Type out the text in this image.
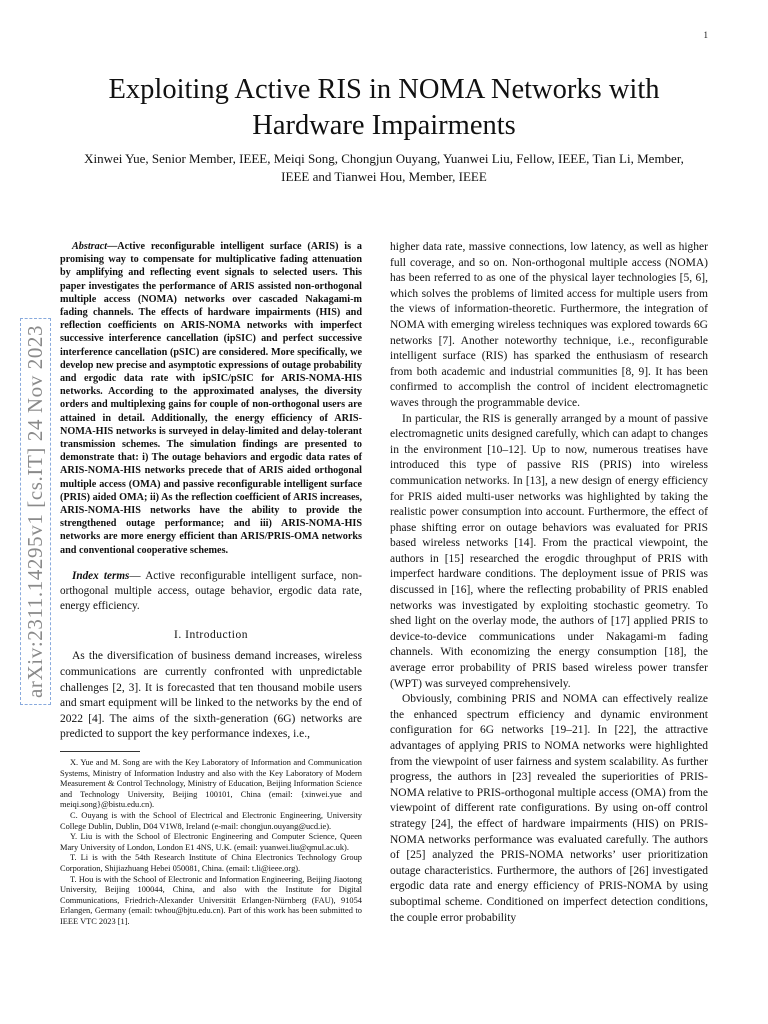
1
arXiv:2311.14295v1 [cs.IT] 24 Nov 2023
Exploiting Active RIS in NOMA Networks with Hardware Impairments
Xinwei Yue, Senior Member, IEEE, Meiqi Song, Chongjun Ouyang, Yuanwei Liu, Fellow, IEEE, Tian Li, Member, IEEE and Tianwei Hou, Member, IEEE

Abstract—Active reconfigurable intelligent surface (ARIS) is a promising way to compensate for multiplicative fading attenuation by amplifying and reflecting event signals to selected users. This paper investigates the performance of ARIS assisted non-orthogonal multiple access (NOMA) networks over cascaded Nakagami-m fading channels. The effects of hardware impairments (HIS) and reflection coefficients on ARIS-NOMA networks with imperfect successive interference cancellation (ipSIC) and perfect successive interference cancellation (pSIC) are considered. More specifically, we develop new precise and asymptotic expressions of outage probability and ergodic data rate with ipSIC/pSIC for ARIS-NOMA-HIS networks. According to the approximated analyses, the diversity orders and multiplexing gains for couple of non-orthogonal users are attained in detail. Additionally, the energy efficiency of ARIS-NOMA-HIS networks is surveyed in delay-limited and delay-tolerant transmission schemes. The simulation findings are presented to demonstrate that: i) The outage behaviors and ergodic data rates of ARIS-NOMA-HIS networks precede that of ARIS aided orthogonal multiple access (OMA) and passive reconfigurable intelligent surface (PRIS) aided OMA; ii) As the reflection coefficient of ARIS increases, ARIS-NOMA-HIS networks have the ability to provide the strengthened outage performance; and iii) ARIS-NOMA-HIS networks are more energy efficient than ARIS/PRIS-OMA networks and conventional cooperative schemes.

Index terms— Active reconfigurable intelligent surface, non-orthogonal multiple access, outage behavior, ergodic data rate, energy efficiency.

I. Introduction

As the diversification of business demand increases, wireless communications are currently confronted with unpredictable challenges [2, 3]. It is forecasted that ten thousand mobile users and smart equipment will be linked to the networks by the end of 2022 [4]. The aims of the sixth-generation (6G) networks are predicted to support the key performance indexes, i.e.,

X. Yue and M. Song are with the Key Laboratory of Information and Communication Systems, Ministry of Information Industry and also with the Key Laboratory of Modern Measurement & Control Technology, Ministry of Education, Beijing Information Science and Technology University, Beijing 100101, China (email: {xinwei.yue and meiqi.song}@bistu.edu.cn).

C. Ouyang is with the School of Electrical and Electronic Engineering, University College Dublin, Dublin, D04 V1W8, Ireland (e-mail: chongjun.ouyang@ucd.ie).

Y. Liu is with the School of Electronic Engineering and Computer Science, Queen Mary University of London, London E1 4NS, U.K. (email: yuanwei.liu@qmul.ac.uk).

T. Li is with the 54th Research Institute of China Electronics Technology Group Corporation, Shijiazhuang Hebei 050081, China. (email: t.li@ieee.org).

T. Hou is with the School of Electronic and Information Engineering, Beijing Jiaotong University, Beijing 100044, China, and also with the Institute for Digital Communications, Friedrich-Alexander Universität Erlangen-Nürnberg (FAU), 91054 Erlangen, Germany (email: twhou@bjtu.edu.cn). Part of this work has been submitted to IEEE VTC 2023 [1].

higher data rate, massive connections, low latency, as well as higher full coverage, and so on. Non-orthogonal multiple access (NOMA) has been referred to as one of the physical layer technologies [5, 6], which solves the problems of limited access for multiple users from the views of information-theoretic. Furthermore, the integration of NOMA with emerging wireless techniques was explored towards 6G networks [7]. Another noteworthy technique, i.e., reconfigurable intelligent surface (RIS) has sparked the enthusiasm of research from both academic and industrial communities [8, 9]. It has been confirmed to accomplish the control of incident electromagnetic waves through the programmable device.

In particular, the RIS is generally arranged by a mount of passive electromagnetic units designed carefully, which can adapt to changes in the environment [10–12]. Up to now, numerous treatises have introduced this type of passive RIS (PRIS) into wireless communication networks. In [13], a new design of energy efficiency for PRIS aided multi-user networks was highlighted by taking the realistic power consumption into account. Furthermore, the effect of phase shifting error on outage behaviors was evaluated for PRIS based wireless networks [14]. From the practical viewpoint, the authors in [15] researched the erogdic throughput of PRIS with imperfect hardware conditions. The deployment issue of PRIS was discussed in [16], where the reflecting probability of PRIS enabled networks was investigated by exploiting stochastic geometry. To shed light on the overlay mode, the authors of [17] applied PRIS to device-to-device communications under Nakagami-m fading channels. With economizing the energy consumption [18], the average error probability of PRIS based wireless power transfer (WPT) was surveyed comprehensively.

Obviously, combining PRIS and NOMA can effectively realize the enhanced spectrum efficiency and dynamic environment configuration for 6G networks [19–21]. In [22], the attractive advantages of applying PRIS to NOMA networks were highlighted from the viewpoint of user fairness and system scalability. As further progress, the authors in [23] revealed the superiorities of PRIS-NOMA relative to PRIS-orthogonal multiple access (OMA) from the viewpoint of different rate configurations. By using on-off control strategy [24], the effect of hardware impairments (HIS) on PRIS-NOMA networks performance was evaluated carefully. The authors of [25] analyzed the PRIS-NOMA networks’ user prioritization outage characteristics. Furthermore, the authors of [26] investigated ergodic data rate and energy efficiency of PRIS-NOMA by using suboptimal scheme. Conditioned on imperfect detection conditions, the couple error probability
